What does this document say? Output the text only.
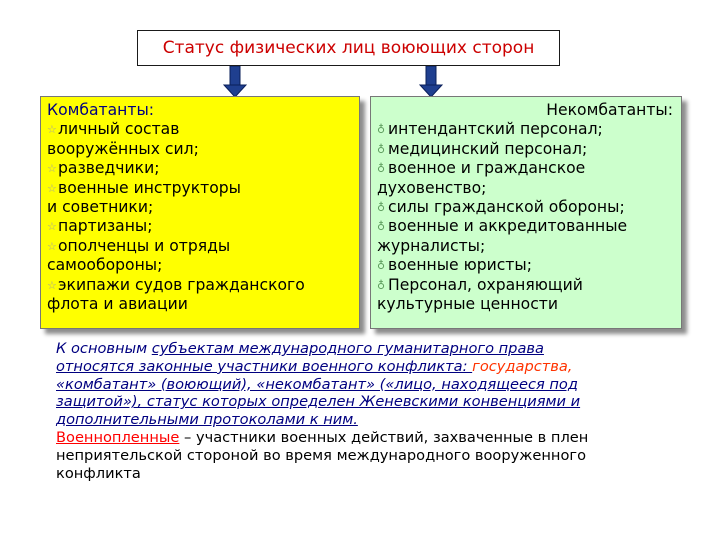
Статус физических лиц воюющих сторон
Комбатанты:
☆личный состав
вооружённых сил;
☆разведчики;
☆военные инструкторы
и советники;
☆партизаны;
☆ополченцы и отряды
самообороны;
☆экипажи судов гражданского
флота и авиации
Некомбатанты:
♁ интендантский персонал;
♁ медицинский персонал;
♁ военное и гражданское
духовенство;
♁ силы гражданской обороны;
♁ военные и аккредитованные
журналисты;
♁ военные юристы;
♁ Персонал, охраняющий
культурные ценности
К основным субъектам международного гуманитарного права
относятся законные участники военного конфликта: государства,
«комбатант» (воюющий), «некомбатант» («лицо, находящееся под
защитой»), статус которых определен Женевскими конвенциями и
дополнительными протоколами к ним.
Военнопленные – участники военных действий, захваченные в плен
неприятельской стороной во время международного вооруженного
конфликта
